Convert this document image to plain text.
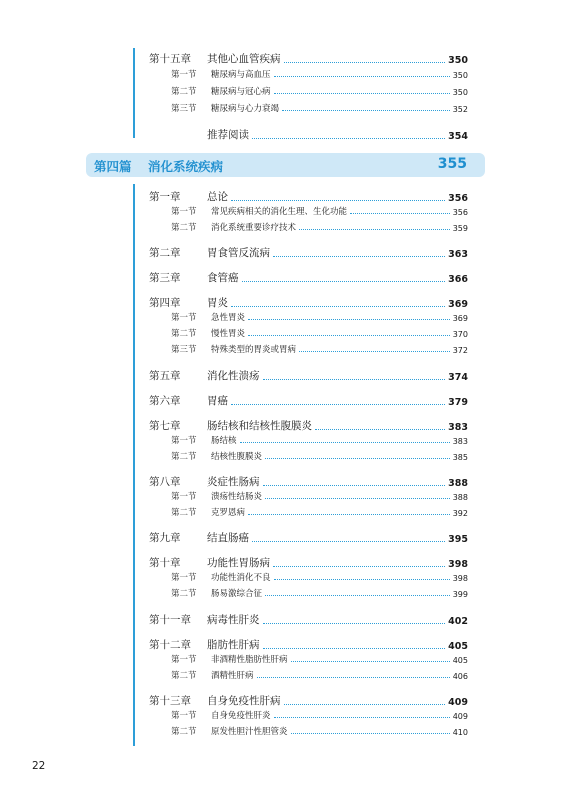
第十五章 其他心血管疾病	350
第一节 糖尿病与高血压	350
第二节 糖尿病与冠心病	350
第三节 糖尿病与心力衰竭	352
推荐阅读	354
第四篇 消化系统疾病	355
第一章	总论	356
第一节 常见疾病相关的消化生理、生化功能	356
第二节 消化系统重要诊疗技术	359
第二章	胃食管反流病	363
第三章	食管癌	366
第四章	胃炎	369
第一节 急性胃炎	369
第二节 慢性胃炎	370
第三节 特殊类型的胃炎或胃病	372
第五章	消化性溃疡	374
第六章	胃癌	379
第七章	肠结核和结核性腹膜炎	383
第一节 肠结核	383
第二节 结核性腹膜炎	385
第八章	炎症性肠病	388
第一节 溃疡性结肠炎	388
第二节 克罗恩病	392
第九章	结直肠癌	395
第十章	功能性胃肠病	398
第一节 功能性消化不良	398
第二节 肠易激综合征	399
第十一章 病毒性肝炎	402
第十二章 脂肪性肝病	405
第一节 非酒精性脂肪性肝病	405
第二节 酒精性肝病	406
第十三章 自身免疫性肝病	409
第一节 自身免疫性肝炎	409
第二节 原发性胆汁性胆管炎	410
22
